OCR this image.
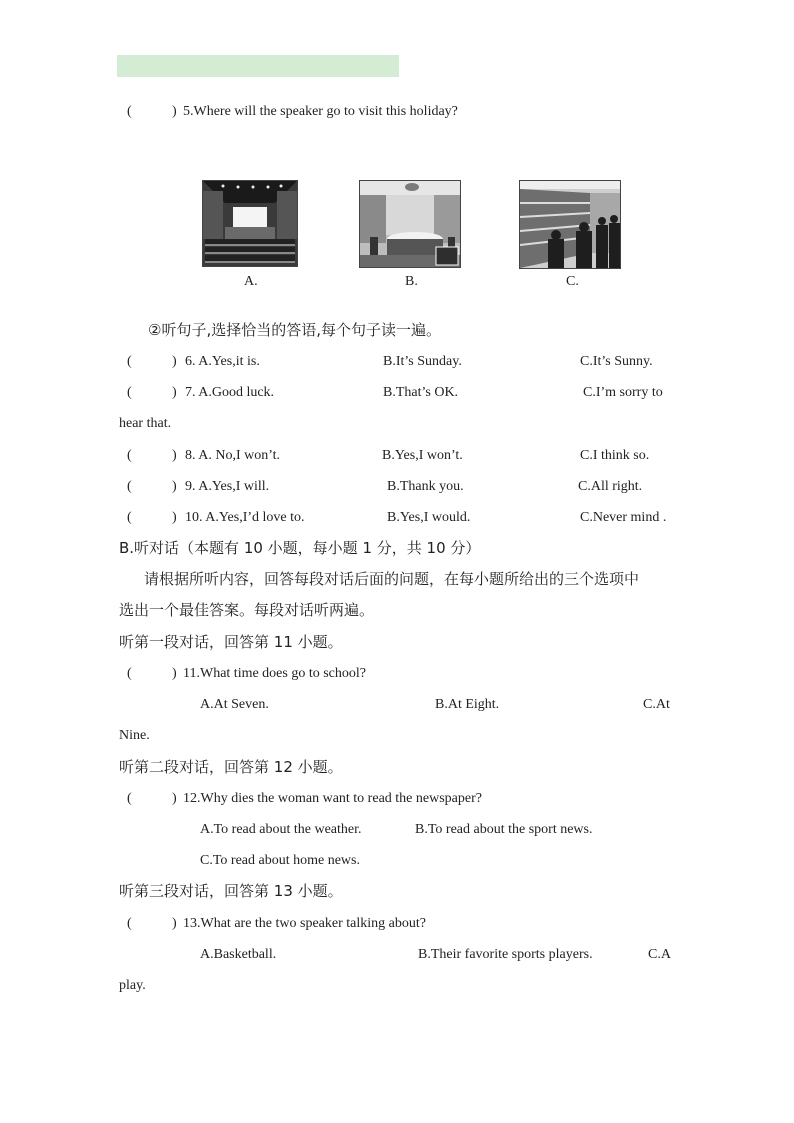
(	) 5.Where will the speaker go to visit this holiday?
A.	B.	C.
②听句子,选择恰当的答语,每个句子读一遍。
(	) 6. A.Yes,it is.	B.It’s Sunday.	C.It’s Sunny.
(	) 7. A.Good luck.	B.That’s OK.	C.I’m sorry to
hear that.
(	) 8. A. No,I won’t.	B.Yes,I won’t.	C.I think so.
(	) 9. A.Yes,I will.	B.Thank you.	C.All right.
(	) 10. A.Yes,I’d love to.	B.Yes,I would.	C.Never mind .
B.听对话（本题有 10 小题，每小题 1 分，共 10 分）
请根据所听内容，回答每段对话后面的问题，在每小题所给出的三个选项中
选出一个最佳答案。每段对话听两遍。
听第一段对话，回答第 11 小题。
(	) 11.What time does go to school?
A.At Seven.	B.At Eight.	C.At
Nine.
听第二段对话，回答第 12 小题。
(	) 12.Why dies the woman want to read the newspaper?
A.To read about the weather.	B.To read about the sport news.
C.To read about home news.
听第三段对话，回答第 13 小题。
(	) 13.What are the two speaker talking about?
A.Basketball.	B.Their favorite sports players.	C.A
play.
